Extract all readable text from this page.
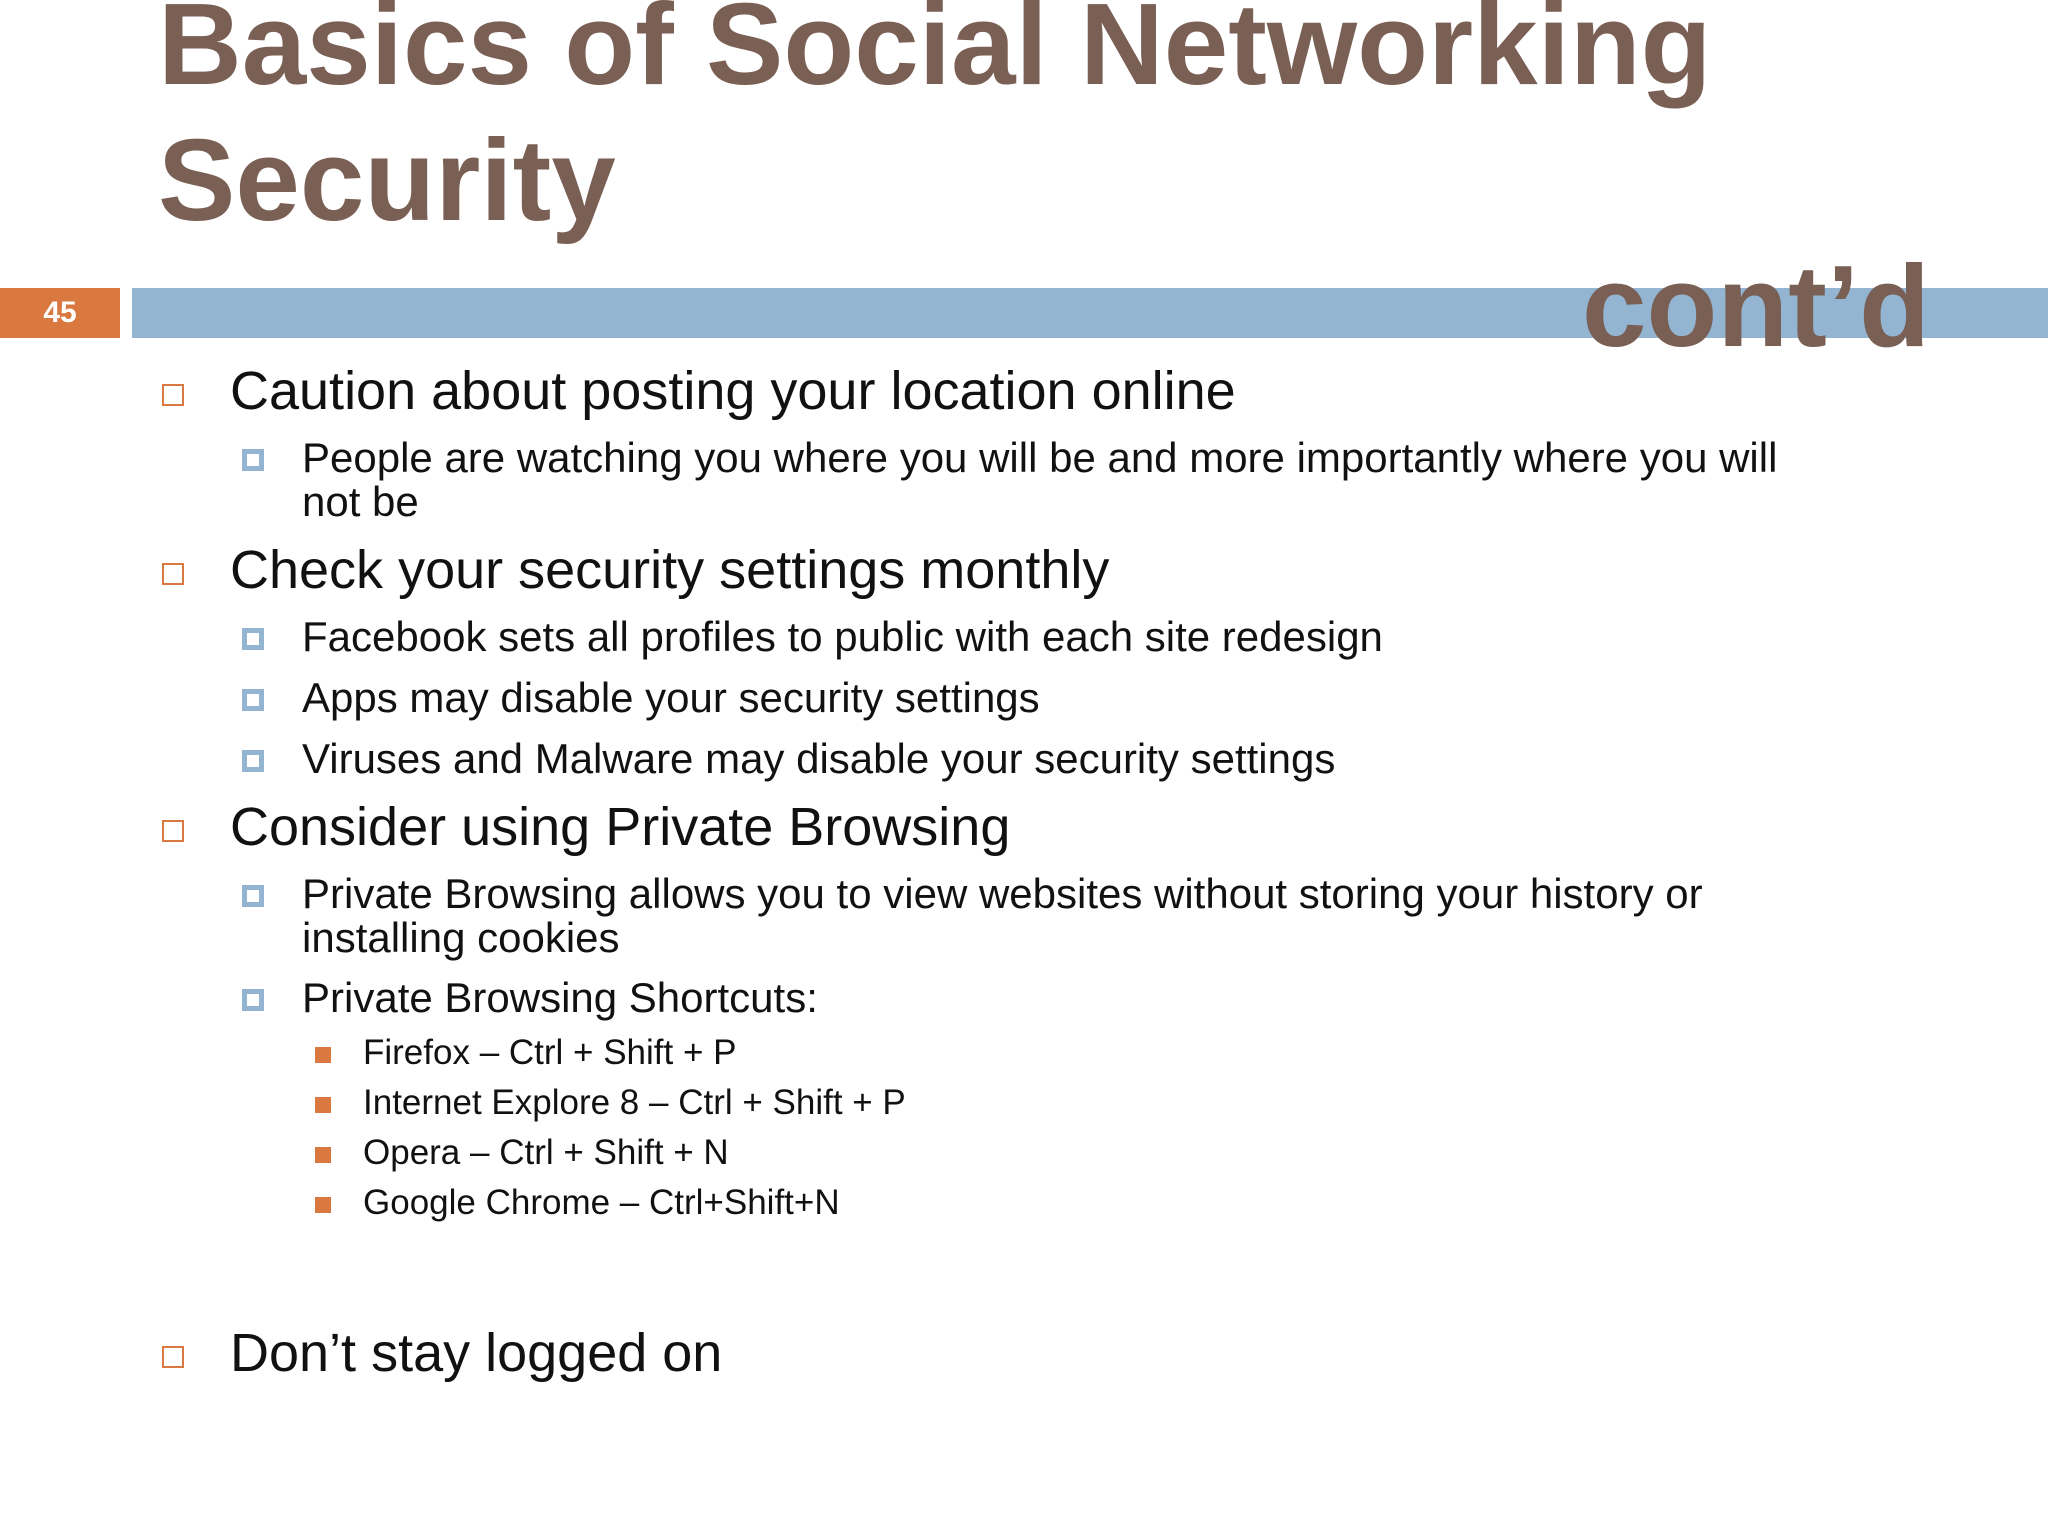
Basics of Social Networking
Security
45	cont’d
Caution about posting your location online
People are watching you where you will be and more importantly where you will
not be
Check your security settings monthly
Facebook sets all profiles to public with each site redesign
Apps may disable your security settings
Viruses and Malware may disable your security settings
Consider using Private Browsing
Private Browsing allows you to view websites without storing your history or
installing cookies
Private Browsing Shortcuts:
Firefox – Ctrl + Shift + P
Internet Explore 8 – Ctrl + Shift + P
Opera – Ctrl + Shift + N
Google Chrome – Ctrl+Shift+N
Don’t stay logged on
